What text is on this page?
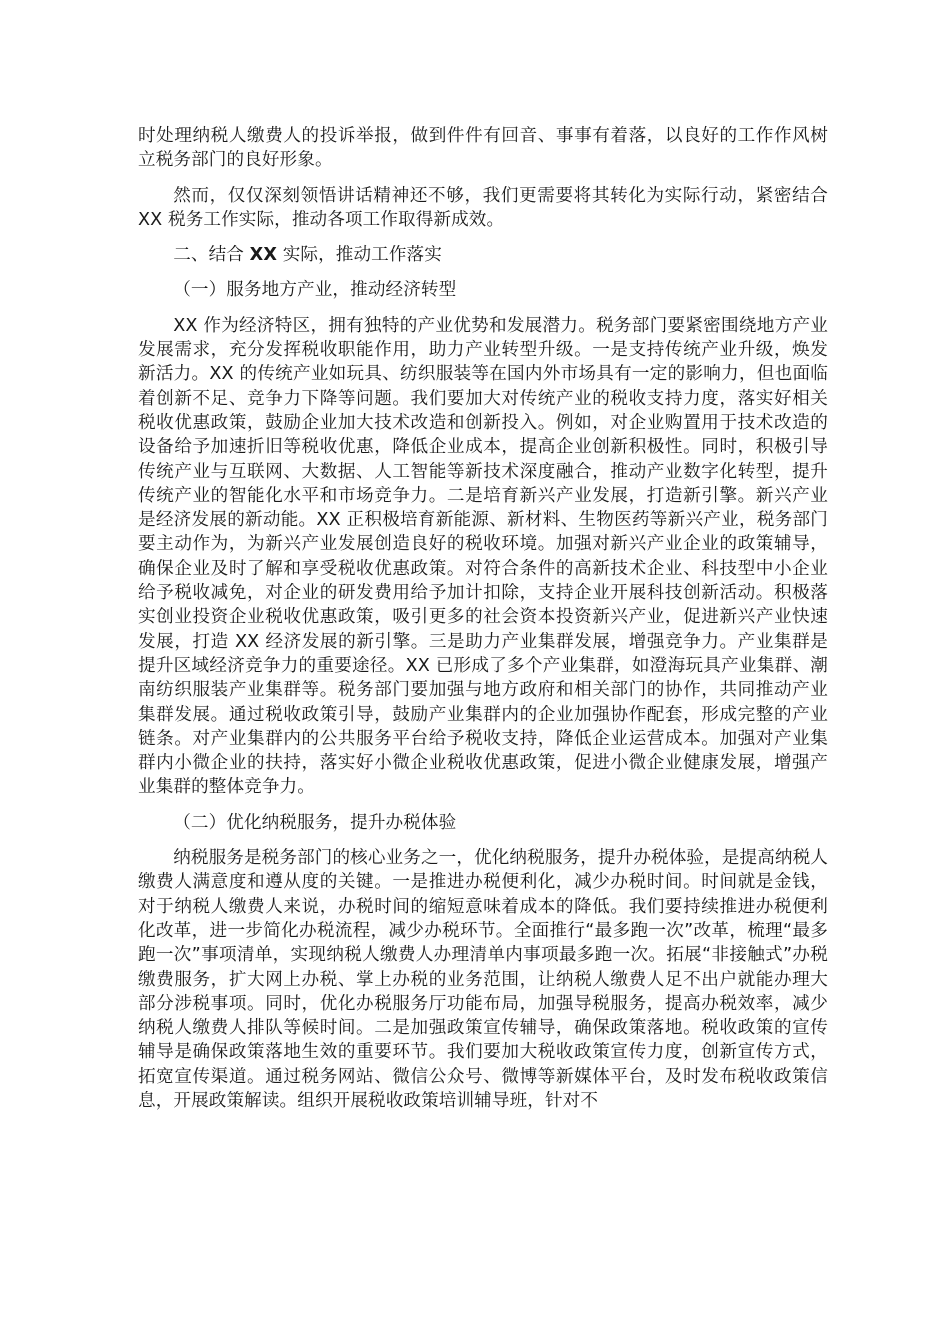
时处理纳税人缴费人的投诉举报，做到件件有回音、事事有着落，以良好的工作作风树立税务部门的良好形象。

然而，仅仅深刻领悟讲话精神还不够，我们更需要将其转化为实际行动，紧密结合 XX 税务工作实际，推动各项工作取得新成效。

二、结合 XX 实际，推动工作落实

（一）服务地方产业，推动经济转型

XX 作为经济特区，拥有独特的产业优势和发展潜力。税务部门要紧密围绕地方产业发展需求，充分发挥税收职能作用，助力产业转型升级。一是支持传统产业升级，焕发新活力。XX 的传统产业如玩具、纺织服装等在国内外市场具有一定的影响力，但也面临着创新不足、竞争力下降等问题。我们要加大对传统产业的税收支持力度，落实好相关税收优惠政策，鼓励企业加大技术改造和创新投入。例如，对企业购置用于技术改造的设备给予加速折旧等税收优惠，降低企业成本，提高企业创新积极性。同时，积极引导传统产业与互联网、大数据、人工智能等新技术深度融合，推动产业数字化转型，提升传统产业的智能化水平和市场竞争力。二是培育新兴产业发展，打造新引擎。新兴产业是经济发展的新动能。XX 正积极培育新能源、新材料、生物医药等新兴产业，税务部门要主动作为，为新兴产业发展创造良好的税收环境。加强对新兴产业企业的政策辅导，确保企业及时了解和享受税收优惠政策。对符合条件的高新技术企业、科技型中小企业给予税收减免，对企业的研发费用给予加计扣除，支持企业开展科技创新活动。积极落实创业投资企业税收优惠政策，吸引更多的社会资本投资新兴产业，促进新兴产业快速发展，打造 XX 经济发展的新引擎。三是助力产业集群发展，增强竞争力。产业集群是提升区域经济竞争力的重要途径。XX 已形成了多个产业集群，如澄海玩具产业集群、潮南纺织服装产业集群等。税务部门要加强与地方政府和相关部门的协作，共同推动产业集群发展。通过税收政策引导，鼓励产业集群内的企业加强协作配套，形成完整的产业链条。对产业集群内的公共服务平台给予税收支持，降低企业运营成本。加强对产业集群内小微企业的扶持，落实好小微企业税收优惠政策，促进小微企业健康发展，增强产业集群的整体竞争力。

（二）优化纳税服务，提升办税体验

纳税服务是税务部门的核心业务之一，优化纳税服务，提升办税体验，是提高纳税人缴费人满意度和遵从度的关键。一是推进办税便利化，减少办税时间。时间就是金钱，对于纳税人缴费人来说，办税时间的缩短意味着成本的降低。我们要持续推进办税便利化改革，进一步简化办税流程，减少办税环节。全面推行“最多跑一次”改革，梳理“最多跑一次”事项清单，实现纳税人缴费人办理清单内事项最多跑一次。拓展“非接触式”办税缴费服务，扩大网上办税、掌上办税的业务范围，让纳税人缴费人足不出户就能办理大部分涉税事项。同时，优化办税服务厅功能布局，加强导税服务，提高办税效率，减少纳税人缴费人排队等候时间。二是加强政策宣传辅导，确保政策落地。税收政策的宣传辅导是确保政策落地生效的重要环节。我们要加大税收政策宣传力度，创新宣传方式，拓宽宣传渠道。通过税务网站、微信公众号、微博等新媒体平台，及时发布税收政策信息，开展政策解读。组织开展税收政策培训辅导班，针对不
